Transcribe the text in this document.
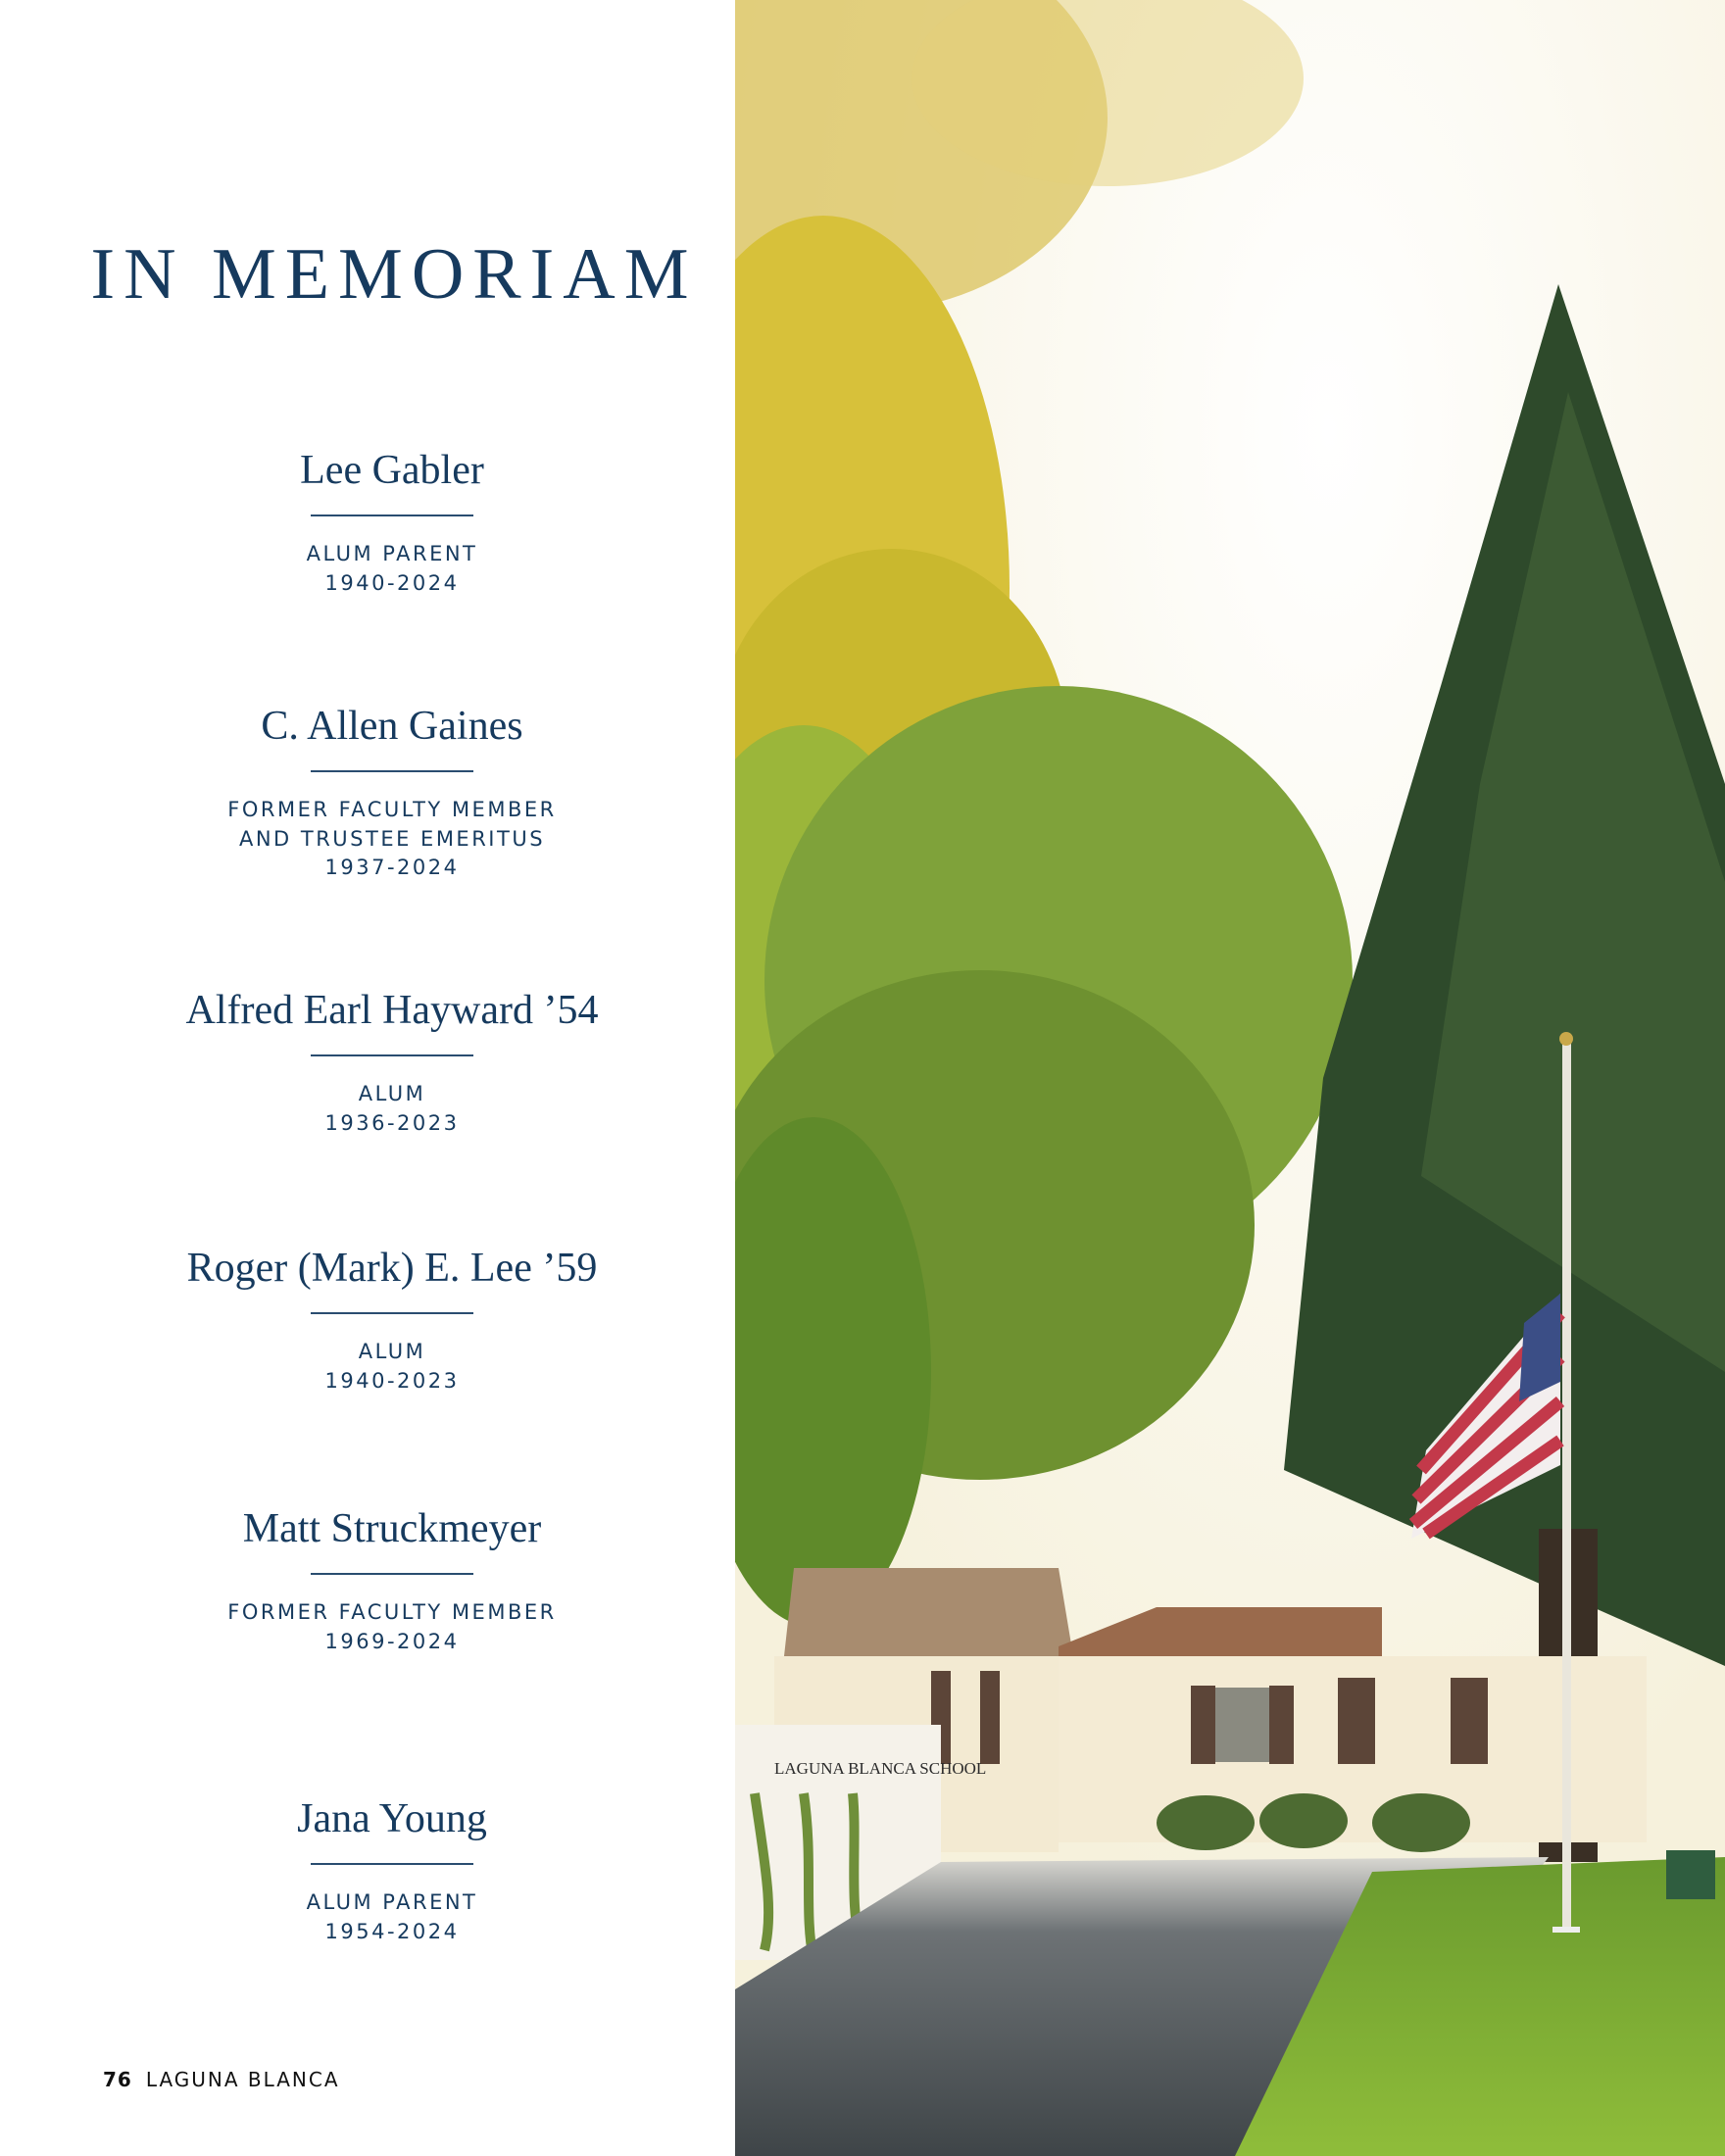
IN MEMORIAM
Lee Gabler
ALUM PARENT
1940-2024
C. Allen Gaines
FORMER FACULTY MEMBER
AND TRUSTEE EMERITUS
1937-2024
Alfred Earl Hayward ’54
ALUM
1936-2023
Roger (Mark) E. Lee ’59
ALUM
1940-2023
Matt Struckmeyer
FORMER FACULTY MEMBER
1969-2024
Jana Young
ALUM PARENT
1954-2024
76 LAGUNA BLANCA
LAGUNA BLANCA SCHOOL
